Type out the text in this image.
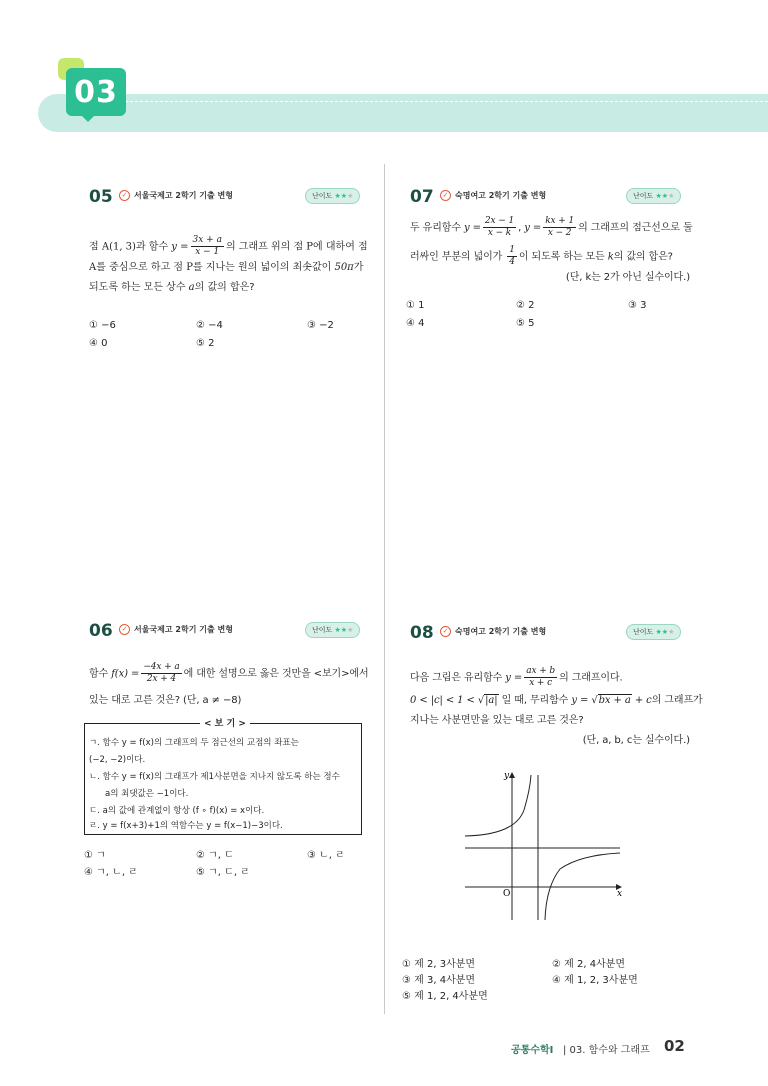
03
05	✓ 서울국제고 2학기 기출 변형	난이도 ★★★
점 A(1, 3)과 함수 $y = \frac{3x + a}{x - 1}$ 의 그래프 위의 점 P에 대하여 점
A를 중심으로 하고 점 P를 지나는 원의 넓이의 최솟값이 50π가
되도록 하는 모든 상수 a의 값의 합은?
① −6	② −4	③ −2
④ 0	⑤ 2
07	✓ 숙명여고 2학기 기출 변형	난이도 ★★★
두 유리함수 $y = \frac{2x - 1}{x - k}$ , $y = \frac{kx + 1}{x - 2}$ 의 그래프의 점근선으로 둘

러싸인 부분의 넓이가 $\frac{1}{4}$ 이 되도록 하는 모든 k의 값의 합은?
(단, k는 2가 아닌 실수이다.)
① 1	② 2	③ 3
④ 4	⑤ 5
06	✓ 서울국제고 2학기 기출 변형	난이도 ★★★
함수 $f(x) = \frac{-4x + a}{2x + 4}$ 에 대한 설명으로 옳은 것만을 <보기>에서

있는 대로 고른 것은? (단, a ≠ −8)
< 보 기 >
ㄱ. 함수 y = f(x)의 그래프의 두 점근선의 교점의 좌표는
(−2, −2)이다.
ㄴ. 함수 y = f(x)의 그래프가 제1사분면을 지나지 않도록 하는 정수
a의 최댓값은 −1이다.
ㄷ. a의 값에 관계없이 항상 (f ∘ f)(x) = x이다.
ㄹ. y = f(x+3)+1의 역함수는 y = f(x−1)−3이다.
① ㄱ	② ㄱ, ㄷ	③ ㄴ, ㄹ
④ ㄱ, ㄴ, ㄹ	⑤ ㄱ, ㄷ, ㄹ
08	✓ 숙명여고 2학기 기출 변형	난이도 ★★★
다음 그림은 유리함수 $y = \frac{ax + b}{x + c}$ 의 그래프이다.

0 < |c| < 1 < √|a| 일 때, 무리함수 y = √bx + a + c의 그래프가
지나는 사분면만을 있는 대로 고른 것은?
(단, a, b, c는 실수이다.)
y
x
O
① 제 2, 3사분면	② 제 2, 4사분면
③ 제 3, 4사분면	④ 제 1, 2, 3사분면
⑤ 제 1, 2, 4사분면
공통수학Ⅰ | 03. 함수와 그래프 02
